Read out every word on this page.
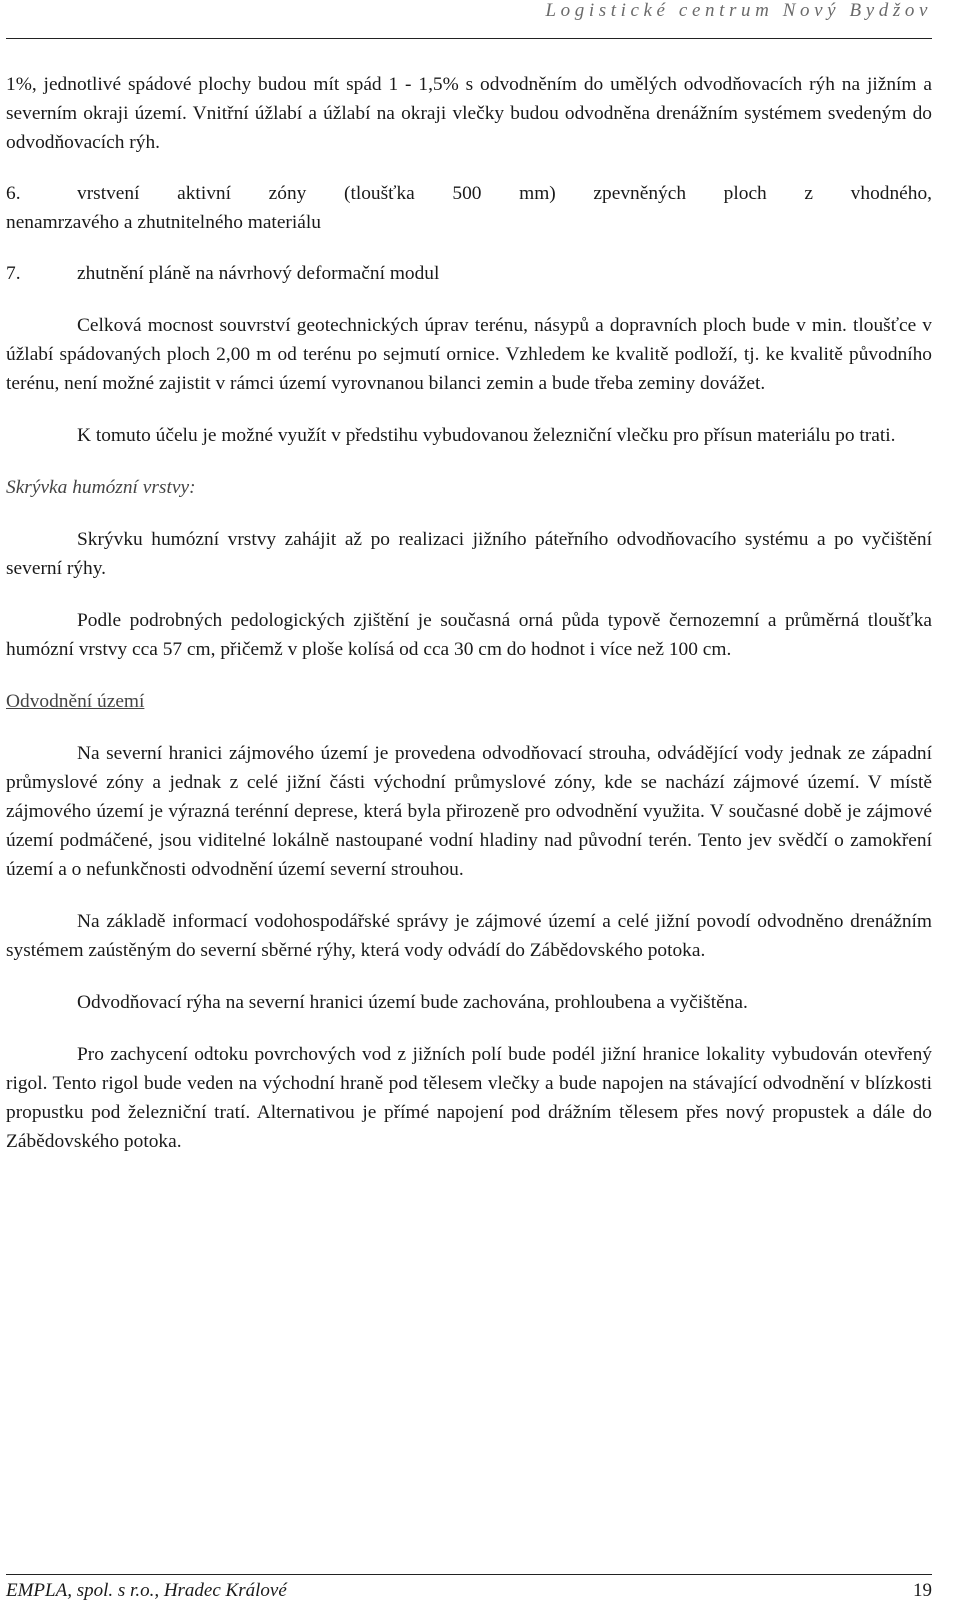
Logistické centrum Nový Bydžov

1%, jednotlivé spádové plochy budou mít spád 1 - 1,5% s odvodněním do umělých odvodňovacích rýh na jižním a severním okraji území. Vnitřní úžlabí a úžlabí na okraji vlečky budou odvodněna drenážním systémem svedeným do odvodňovacích rýh.

6.	vrstvení aktivní zóny (tloušťka 500 mm) zpevněných ploch z vhodného,
nenamrzavého a zhutnitelného materiálu
7.	zhutnění pláně na návrhový deformační modul

Celková mocnost souvrství geotechnických úprav terénu, násypů a dopravních ploch bude v min. tloušťce v úžlabí spádovaných ploch 2,00 m od terénu po sejmutí ornice. Vzhledem ke kvalitě podloží, tj. ke kvalitě původního terénu, není možné zajistit v rámci území vyrovnanou bilanci zemin a bude třeba zeminy dovážet.

K tomuto účelu je možné využít v předstihu vybudovanou železniční vlečku pro přísun materiálu po trati.

Skrývka humózní vrstvy:

Skrývku humózní vrstvy zahájit až po realizaci jižního páteřního odvodňovacího systému a po vyčištění severní rýhy.

Podle podrobných pedologických zjištění je současná orná půda typově černozemní a průměrná tloušťka humózní vrstvy cca 57 cm, přičemž v ploše kolísá od cca 30 cm do hodnot i více než 100 cm.

Odvodnění území

Na severní hranici zájmového území je provedena odvodňovací strouha, odvádějící vody jednak ze západní průmyslové zóny a jednak z celé jižní části východní průmyslové zóny, kde se nachází zájmové území. V místě zájmového území je výrazná terénní deprese, která byla přirozeně pro odvodnění využita. V současné době je zájmové území podmáčené, jsou viditelné lokálně nastoupané vodní hladiny nad původní terén. Tento jev svědčí o zamokření území a o nefunkčnosti odvodnění území severní strouhou.

Na základě informací vodohospodářské správy je zájmové území a celé jižní povodí odvodněno drenážním systémem zaústěným do severní sběrné rýhy, která vody odvádí do Zábědovského potoka.

Odvodňovací rýha na severní hranici území bude zachována, prohloubena a vyčištěna.

Pro zachycení odtoku povrchových vod z jižních polí bude podél jižní hranice lokality vybudován otevřený rigol. Tento rigol bude veden na východní hraně pod tělesem vlečky a bude napojen na stávající odvodnění v blízkosti propustku pod železniční tratí. Alternativou je přímé napojení pod drážním tělesem přes nový propustek a dále do Zábědovského potoka.

EMPLA, spol. s r.o., Hradec Králové	19
